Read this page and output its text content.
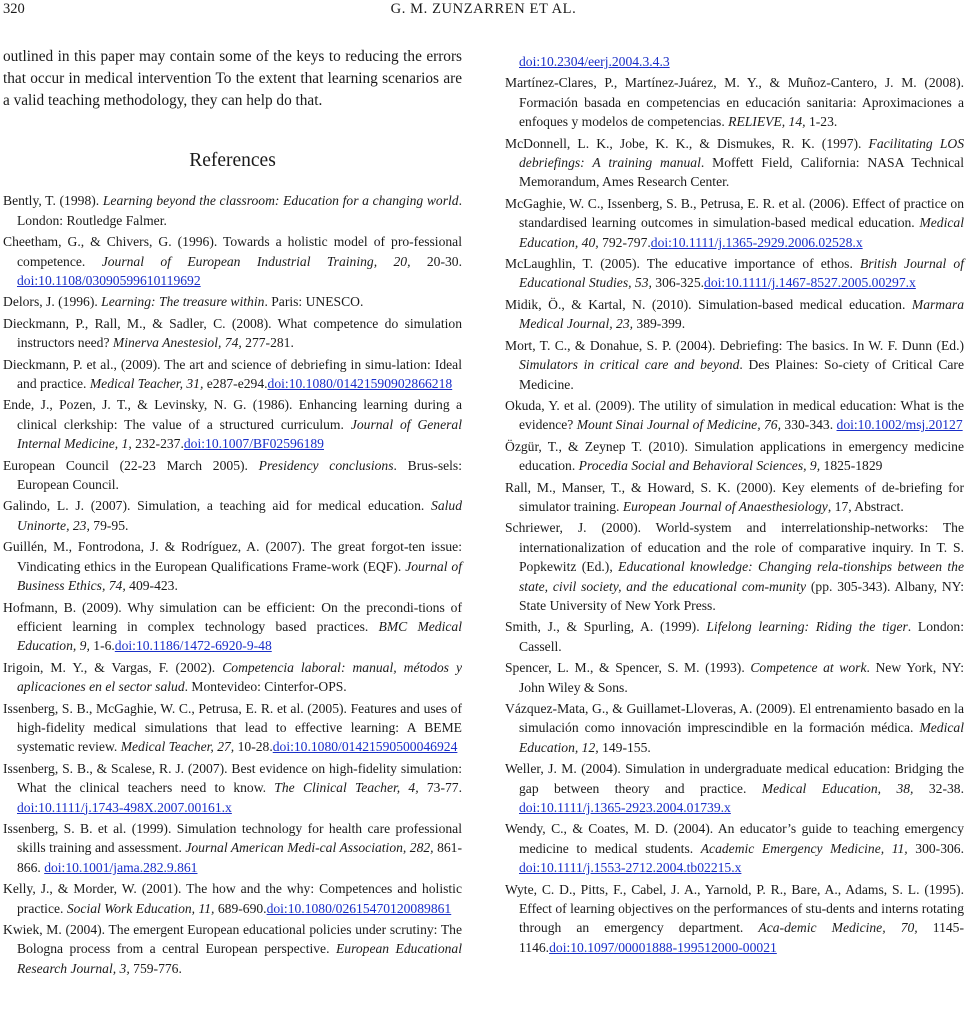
320	G. M. ZUNZARREN ET AL.

outlined in this paper may contain some of the keys to reducing the errors that occur in medical intervention To the extent that learning scenarios are a valid teaching methodology, they can help do that.

References
Bently, T. (1998). Learning beyond the classroom: Education for a changing world. London: Routledge Falmer.
Cheetham, G., & Chivers, G. (1996). Towards a holistic model of pro-fessional competence. Journal of European Industrial Training, 20, 20-30. doi:10.1108/03090599610119692
Delors, J. (1996). Learning: The treasure within. Paris: UNESCO.
Dieckmann, P., Rall, M., & Sadler, C. (2008). What competence do simulation instructors need? Minerva Anestesiol, 74, 277-281.
Dieckmann, P. et al., (2009). The art and science of debriefing in simu-lation: Ideal and practice. Medical Teacher, 31, e287-e294.doi:10.1080/01421590902866218
Ende, J., Pozen, J. T., & Levinsky, N. G. (1986). Enhancing learning during a clinical clerkship: The value of a structured curriculum. Journal of General Internal Medicine, 1, 232-237.doi:10.1007/BF02596189
European Council (22-23 March 2005). Presidency conclusions. Brus-sels: European Council.
Galindo, L. J. (2007). Simulation, a teaching aid for medical education. Salud Uninorte, 23, 79-95.
Guillén, M., Fontrodona, J. & Rodríguez, A. (2007). The great forgot-ten issue: Vindicating ethics in the European Qualifications Frame-work (EQF). Journal of Business Ethics, 74, 409-423.
Hofmann, B. (2009). Why simulation can be efficient: On the precondi-tions of efficient learning in complex technology based practices. BMC Medical Education, 9, 1-6.doi:10.1186/1472-6920-9-48
Irigoin, M. Y., & Vargas, F. (2002). Competencia laboral: manual, métodos y aplicaciones en el sector salud. Montevideo: Cinterfor-OPS.
Issenberg, S. B., McGaghie, W. C., Petrusa, E. R. et al. (2005). Features and uses of high-fidelity medical simulations that lead to effective learning: A BEME systematic review. Medical Teacher, 27, 10-28.doi:10.1080/01421590500046924
Issenberg, S. B., & Scalese, R. J. (2007). Best evidence on high-fidelity simulation: What the clinical teachers need to know. The Clinical Teacher, 4, 73-77. doi:10.1111/j.1743-498X.2007.00161.x
Issenberg, S. B. et al. (1999). Simulation technology for health care professional skills training and assessment. Journal American Medi-cal Association, 282, 861-866. doi:10.1001/jama.282.9.861
Kelly, J., & Morder, W. (2001). The how and the why: Competences and holistic practice. Social Work Education, 11, 689-690.doi:10.1080/02615470120089861
Kwiek, M. (2004). The emergent European educational policies under scrutiny: The Bologna process from a central European perspective. European Educational Research Journal, 3, 759-776.
doi:10.2304/eerj.2004.3.4.3
Martínez-Clares, P., Martínez-Juárez, M. Y., & Muñoz-Cantero, J. M. (2008). Formación basada en competencias en educación sanitaria: Aproximaciones a enfoques y modelos de competencias. RELIEVE, 14, 1-23.
McDonnell, L. K., Jobe, K. K., & Dismukes, R. K. (1997). Facilitating LOS debriefings: A training manual. Moffett Field, California: NASA Technical Memorandum, Ames Research Center.
McGaghie, W. C., Issenberg, S. B., Petrusa, E. R. et al. (2006). Effect of practice on standardised learning outcomes in simulation-based medical education. Medical Education, 40, 792-797.doi:10.1111/j.1365-2929.2006.02528.x
McLaughlin, T. (2005). The educative importance of ethos. British Journal of Educational Studies, 53, 306-325.doi:10.1111/j.1467-8527.2005.00297.x
Midik, Ö., & Kartal, N. (2010). Simulation-based medical education. Marmara Medical Journal, 23, 389-399.
Mort, T. C., & Donahue, S. P. (2004). Debriefing: The basics. In W. F. Dunn (Ed.) Simulators in critical care and beyond. Des Plaines: So-ciety of Critical Care Medicine.
Okuda, Y. et al. (2009). The utility of simulation in medical education: What is the evidence? Mount Sinai Journal of Medicine, 76, 330-343. doi:10.1002/msj.20127
Özgür, T., & Zeynep T. (2010). Simulation applications in emergency medicine education. Procedia Social and Behavioral Sciences, 9, 1825-1829
Rall, M., Manser, T., & Howard, S. K. (2000). Key elements of de-briefing for simulator training. European Journal of Anaesthesiology, 17, Abstract.
Schriewer, J. (2000). World-system and interrelationship-networks: The internationalization of education and the role of comparative inquiry. In T. S. Popkewitz (Ed.), Educational knowledge: Changing rela-tionships between the state, civil society, and the educational com-munity (pp. 305-343). Albany, NY: State University of New York Press.
Smith, J., & Spurling, A. (1999). Lifelong learning: Riding the tiger. London: Cassell.
Spencer, L. M., & Spencer, S. M. (1993). Competence at work. New York, NY: John Wiley & Sons.
Vázquez-Mata, G., & Guillamet-Lloveras, A. (2009). El entrenamiento basado en la simulación como innovación imprescindible en la formación médica. Medical Education, 12, 149-155.
Weller, J. M. (2004). Simulation in undergraduate medical education: Bridging the gap between theory and practice. Medical Education, 38, 32-38. doi:10.1111/j.1365-2923.2004.01739.x
Wendy, C., & Coates, M. D. (2004). An educator’s guide to teaching emergency medicine to medical students. Academic Emergency Medicine, 11, 300-306. doi:10.1111/j.1553-2712.2004.tb02215.x
Wyte, C. D., Pitts, F., Cabel, J. A., Yarnold, P. R., Bare, A., Adams, S. L. (1995). Effect of learning objectives on the performances of stu-dents and interns rotating through an emergency department. Aca-demic Medicine, 70, 1145-1146.doi:10.1097/00001888-199512000-00021
